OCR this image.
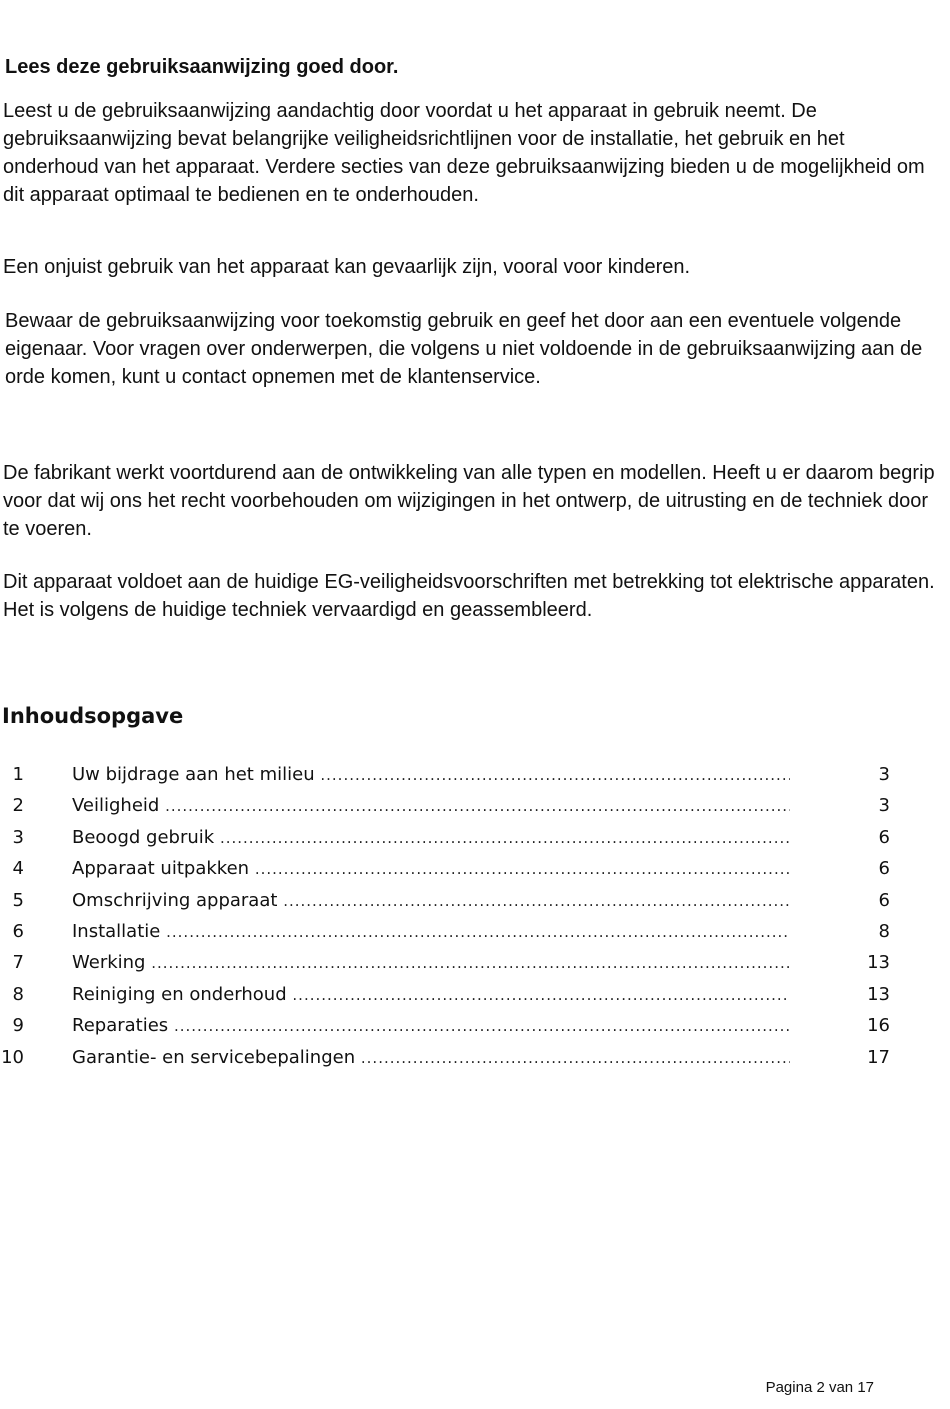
Lees deze gebruiksaanwijzing goed door.

Leest u de gebruiksaanwijzing aandachtig door voordat u het apparaat in gebruik neemt. De gebruiksaanwijzing bevat belangrijke veiligheidsrichtlijnen voor de installatie, het gebruik en het onderhoud van het apparaat. Verdere secties van deze gebruiksaanwijzing bieden u de mogelijkheid om dit apparaat optimaal te bedienen en te onderhouden.

Een onjuist gebruik van het apparaat kan gevaarlijk zijn, vooral voor kinderen.

Bewaar de gebruiksaanwijzing voor toekomstig gebruik en geef het door aan een eventuele volgende eigenaar. Voor vragen over onderwerpen, die volgens u niet voldoende in de gebruiksaanwijzing aan de orde komen, kunt u contact opnemen met de klantenservice.

De fabrikant werkt voortdurend aan de ontwikkeling van alle typen en modellen. Heeft u er daarom begrip voor dat wij ons het recht voorbehouden om wijzigingen in het ontwerp, de uitrusting en de techniek door te voeren.

Dit apparaat voldoet aan de huidige EG-veiligheidsvoorschriften met betrekking tot elektrische apparaten. Het is volgens de huidige techniek vervaardigd en geassembleerd.

Inhoudsopgave
1	Uw bijdrage aan het milieu .....	3
2	Veiligheid .....	3
3	Beoogd gebruik .....	6
4	Apparaat uitpakken .....	6
5	Omschrijving apparaat .....	6
6	Installatie .....	8
7	Werking .....	13
8	Reiniging en onderhoud .....	13
9	Reparaties .....	16
10	Garantie- en servicebepalingen .....	17

Pagina 2 van 17
